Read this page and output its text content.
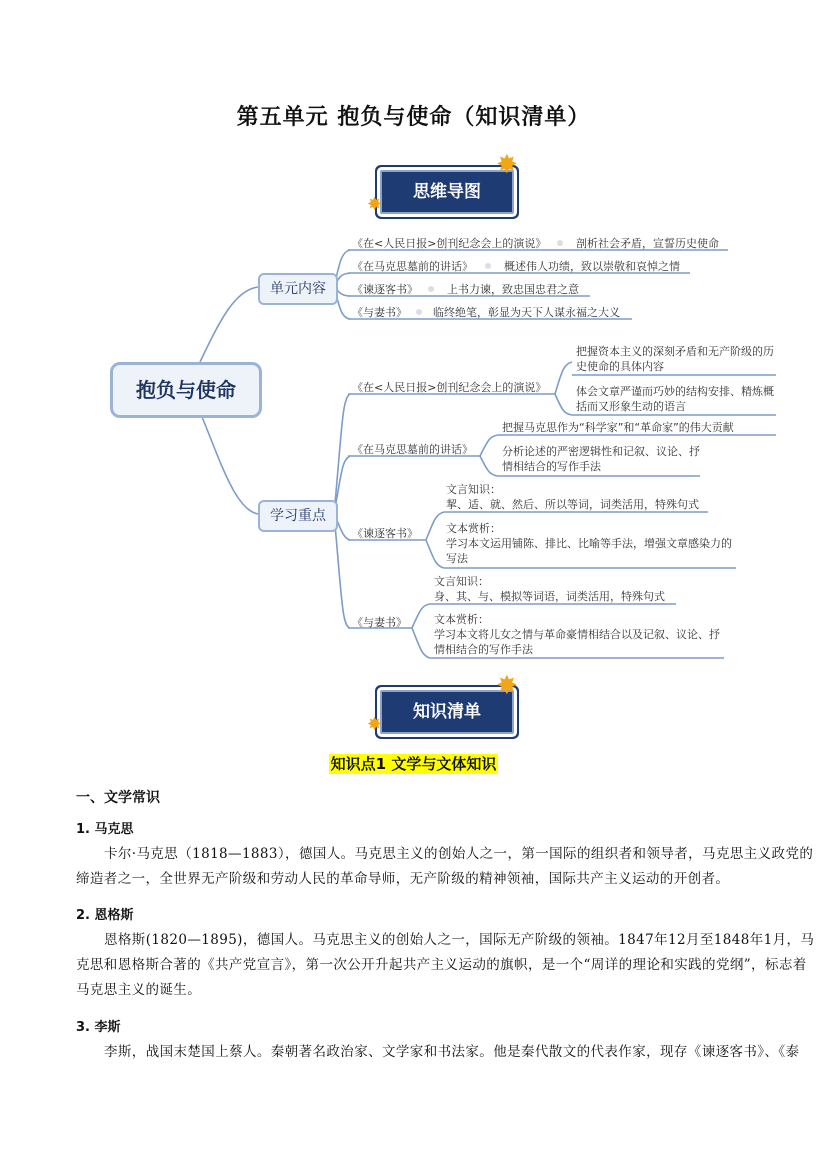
第五单元 抱负与使命（知识清单）
思维导图
✸
✸
抱负与使命
单元内容
学习重点
《在<人民日报>创刊纪念会上的演说》	剖析社会矛盾，宣誓历史使命
《在马克思墓前的讲话》	概述伟人功绩，致以崇敬和哀悼之情
《谏逐客书》	上书力谏，致忠国忠君之意
《与妻书》 临终绝笔，彰显为天下人谋永福之大义
《在<人民日报>创刊纪念会上的演说》
把握资本主义的深刻矛盾和无产阶级的历史使命的具体内容
体会文章严谨而巧妙的结构安排、精炼概括而又形象生动的语言
《在马克思墓前的讲话》
把握马克思作为“科学家”和“革命家”的伟大贡献
分析论述的严密逻辑性和记叙、议论、抒情相结合的写作手法
《谏逐客书》
文言知识：
挈、适、就、然后、所以等词，词类活用，特殊句式
文本赏析：
学习本文运用铺陈、排比、比喻等手法，增强文章感染力的写法
《与妻书》
文言知识：
身、其、与、模拟等词语，词类活用，特殊句式
文本赏析：
学习本文将儿女之情与革命豪情相结合以及记叙、议论、抒情相结合的写作手法
知识清单
✸
✸
知识点1 文学与文体知识
一、文学常识
1. 马克思
卡尔·马克思（1818—1883），德国人。马克思主义的创始人之一，第一国际的组织者和领导者，马克思主义政党的缔造者之一，全世界无产阶级和劳动人民的革命导师，无产阶级的精神领袖，国际共产主义运动的开创者。
2. 恩格斯
恩格斯(1820—1895)，德国人。马克思主义的创始人之一，国际无产阶级的领袖。1847年12月至1848年1月，马克思和恩格斯合著的《共产党宣言》，第一次公开升起共产主义运动的旗帜，是一个“周详的理论和实践的党纲”，标志着马克思主义的诞生。
3. 李斯
李斯，战国末楚国上蔡人。秦朝著名政治家、文学家和书法家。他是秦代散文的代表作家，现存《谏逐客书》、《泰
